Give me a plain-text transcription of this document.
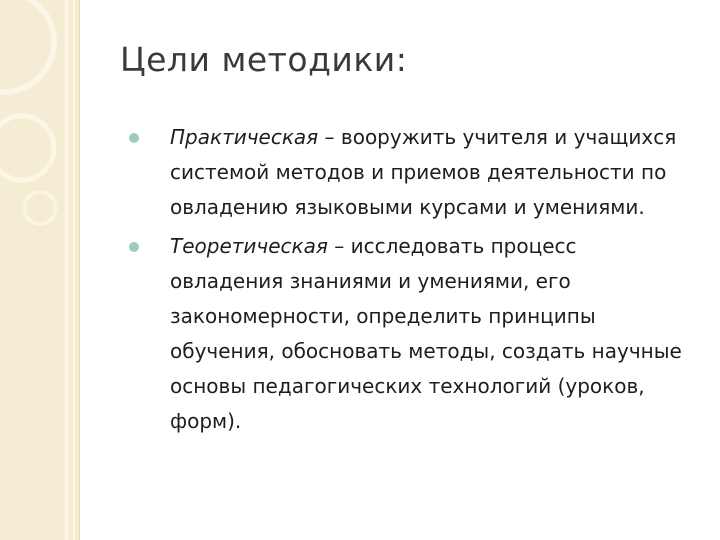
Цели методики:
Практическая – вооружить учителя и учащихся системой методов и приемов деятельности по овладению языковыми курсами и умениями.
Теоретическая – исследовать процесс овладения знаниями и умениями, его закономерности, определить принципы обучения, обосновать методы, создать научные основы педагогических технологий (уроков, форм).
